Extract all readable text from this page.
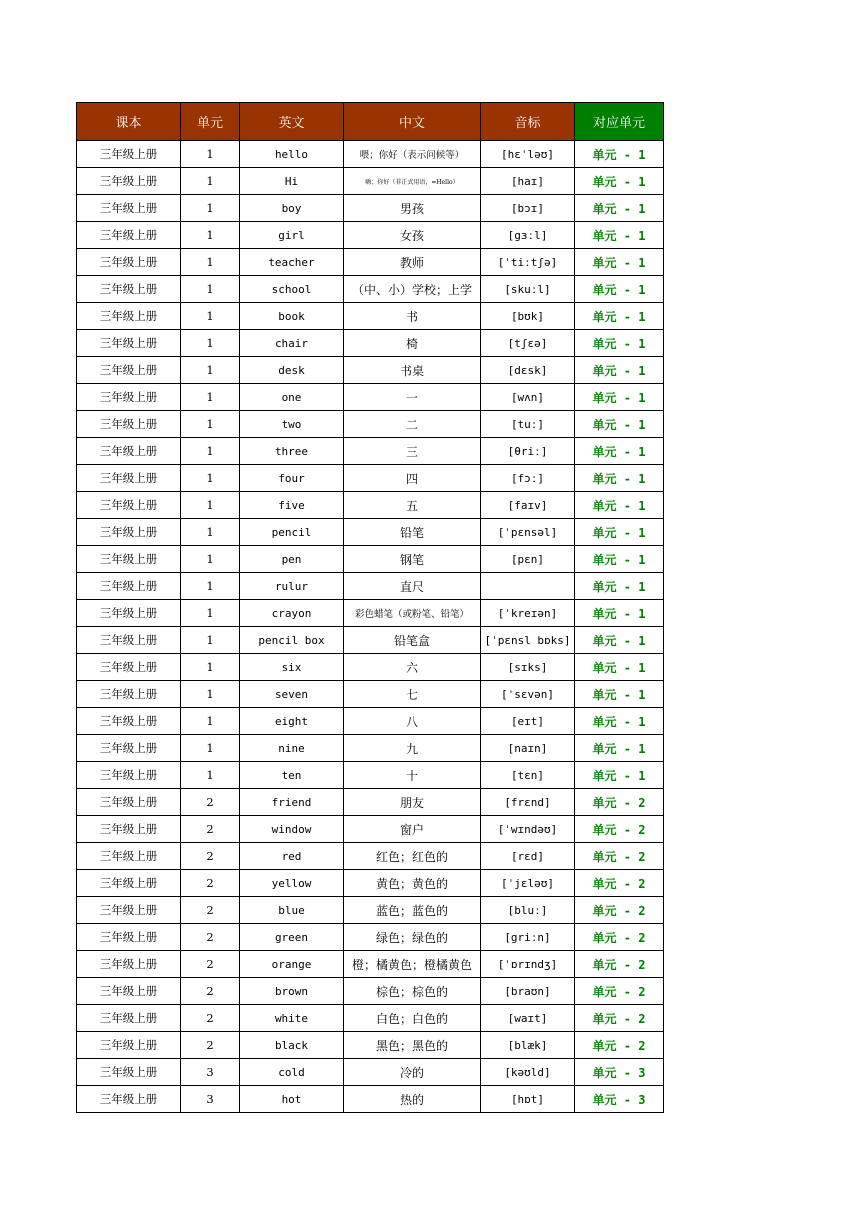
课本	单元	英文	中文	音标	对应单元
三年级上册	1	hello	喂；你好（表示问候等）	[hɛˈləʊ]	单元 - 1
三年级上册	1	Hi	嗨；你好（非正式用语，=Hello）	[haɪ]	单元 - 1
三年级上册	1	boy	男孩	[bɔɪ]	单元 - 1
三年级上册	1	girl	女孩	[gɜːl]	单元 - 1
三年级上册	1	teacher	教师	[ˈtiːtʃə]	单元 - 1
三年级上册	1	school	（中、小）学校；上学	[skuːl]	单元 - 1
三年级上册	1	book	书	[bʊk]	单元 - 1
三年级上册	1	chair	椅	[tʃɛə]	单元 - 1
三年级上册	1	desk	书桌	[dɛsk]	单元 - 1
三年级上册	1	one	一	[wʌn]	单元 - 1
三年级上册	1	two	二	[tuː]	单元 - 1
三年级上册	1	three	三	[θriː]	单元 - 1
三年级上册	1	four	四	[fɔː]	单元 - 1
三年级上册	1	five	五	[faɪv]	单元 - 1
三年级上册	1	pencil	铅笔	[ˈpɛnsəl]	单元 - 1
三年级上册	1	pen	钢笔	[pɛn]	单元 - 1
三年级上册	1	rulur	直尺		单元 - 1
三年级上册	1	crayon	彩色蜡笔（或粉笔、铅笔）	[ˈkreɪən]	单元 - 1
三年级上册	1	pencil box	铅笔盒	[ˈpɛnsl bɒks]	单元 - 1
三年级上册	1	six	六	[sɪks]	单元 - 1
三年级上册	1	seven	七	[ˈsɛvən]	单元 - 1
三年级上册	1	eight	八	[eɪt]	单元 - 1
三年级上册	1	nine	九	[naɪn]	单元 - 1
三年级上册	1	ten	十	[tɛn]	单元 - 1
三年级上册	2	friend	朋友	[frɛnd]	单元 - 2
三年级上册	2	window	窗户	[ˈwɪndəʊ]	单元 - 2
三年级上册	2	red	红色；红色的	[rɛd]	单元 - 2
三年级上册	2	yellow	黄色；黄色的	[ˈjɛləʊ]	单元 - 2
三年级上册	2	blue	蓝色；蓝色的	[bluː]	单元 - 2
三年级上册	2	green	绿色；绿色的	[griːn]	单元 - 2
三年级上册	2	orange	橙；橘黄色；橙橘黄色	[ˈɒrɪndʒ]	单元 - 2
三年级上册	2	brown	棕色；棕色的	[braʊn]	单元 - 2
三年级上册	2	white	白色；白色的	[waɪt]	单元 - 2
三年级上册	2	black	黑色；黑色的	[blæk]	单元 - 2
三年级上册	3	cold	冷的	[kəʊld]	单元 - 3
三年级上册	3	hot	热的	[hɒt]	单元 - 3
